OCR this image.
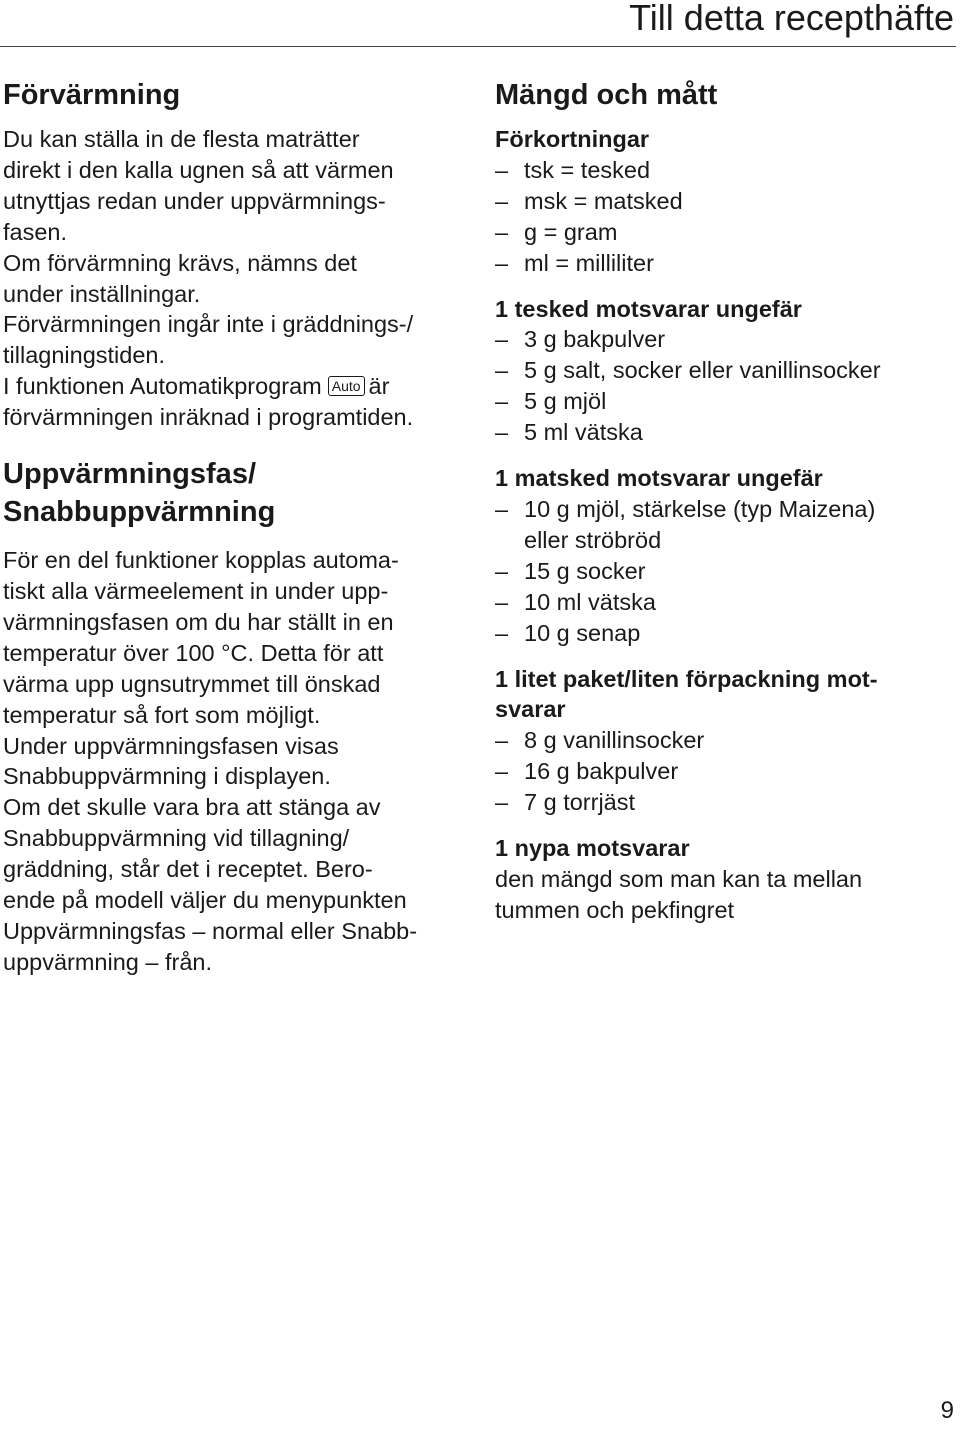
Till detta recepthäfte
Förvärmning

Du kan ställa in de flesta maträtter

direkt i den kalla ugnen så att värmen

utnyttjas redan under uppvärmnings-

fasen.

Om förvärmning krävs, nämns det

under inställningar.

Förvärmningen ingår inte i gräddnings-/

tillagningstiden.

I funktionen Automatikprogram Auto är

förvärmningen inräknad i programtiden.

Uppvärmningsfas/
Snabbuppvärmning

För en del funktioner kopplas automa-

tiskt alla värmeelement in under upp-

värmningsfasen om du har ställt in en

temperatur över 100 °C. Detta för att

värma upp ugnsutrymmet till önskad

temperatur så fort som möjligt.

Under uppvärmningsfasen visas

Snabbuppvärmning i displayen.

Om det skulle vara bra att stänga av

Snabbuppvärmning vid tillagning/

gräddning, står det i receptet. Bero-

ende på modell väljer du menypunkten

Uppvärmningsfas – normal eller Snabb-

uppvärmning – från.

Mängd och mått

Förkortningar

– tsk = tesked
– msk = matsked
– g = gram
– ml = milliliter

1 tesked motsvarar ungefär

– 3 g bakpulver
– 5 g salt, socker eller vanillinsocker
– 5 g mjöl
– 5 ml vätska

1 matsked motsvarar ungefär

– 10 g mjöl, stärkelse (typ Maizena)
eller ströbröd
– 15 g socker
– 10 ml vätska
– 10 g senap

1 litet paket/liten förpackning mot-

svarar

– 8 g vanillinsocker
– 16 g bakpulver
– 7 g torrjäst

1 nypa motsvarar

den mängd som man kan ta mellan

tummen och pekfingret

9
